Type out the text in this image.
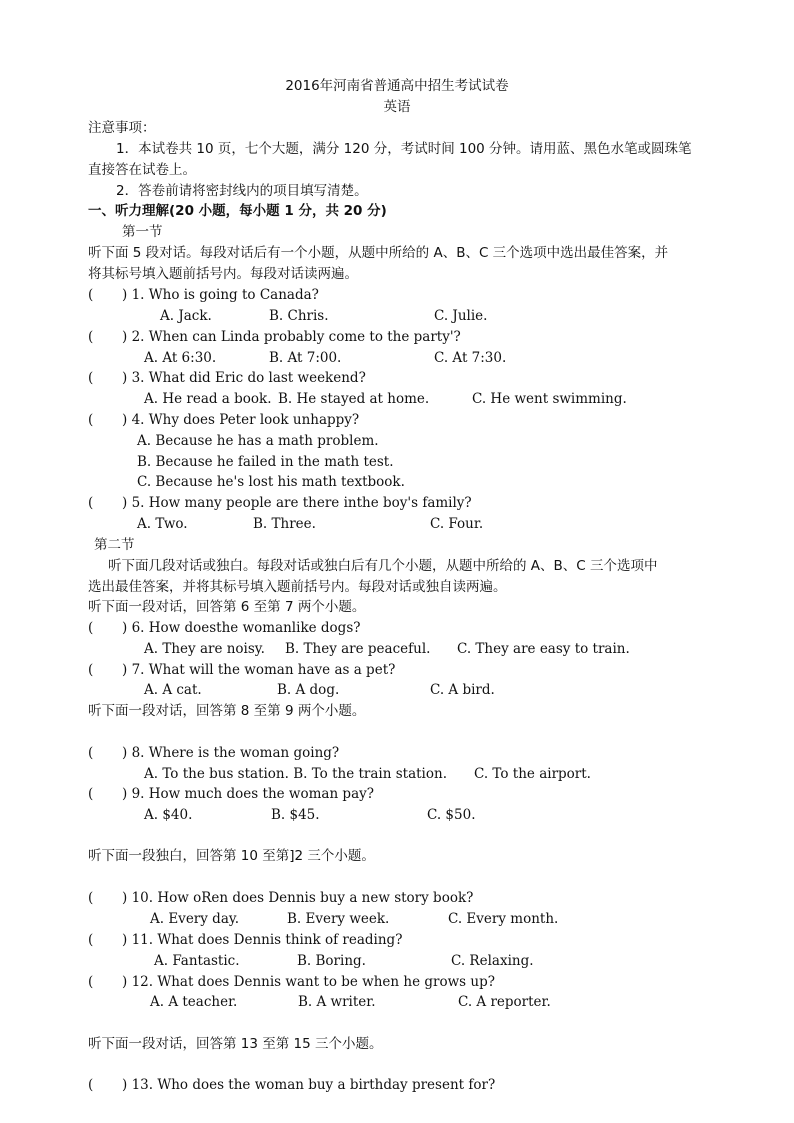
2016年河南省普通高中招生考试试卷
英语
注意事项：
1．本试卷共 10 页，七个大题，满分 120 分，考试时间 100 分钟。请用蓝、黑色水笔或圆珠笔
直接答在试卷上。
2．答卷前请将密封线内的项目填写清楚。
一、听力理解(20 小题，每小题 1 分，共 20 分)
第一节
听下面 5 段对话。每段对话后有一个小题，从题中所给的 A、B、C 三个选项中选出最佳答案，并
将其标号填入题前括号内。每段对话读两遍。
( ) 1. Who is going to Canada?
A. Jack.	B. Chris.	C. Julie.
( ) 2. When can Linda probably come to the party'?
A. At 6:30.	B. At 7:00.	C. At 7:30.
( ) 3. What did Eric do last weekend?
A. He read a book. B. He stayed at home.	C. He went swimming.
( ) 4. Why does Peter look unhappy?
A. Because he has a math problem.
B. Because he failed in the math test.
C. Because he's lost his math textbook.
( ) 5. How many people are there inthe boy's family?
A. Two.	B. Three.	C. Four.
第二节
听下面几段对话或独白。每段对话或独白后有几个小题，从题中所给的 A、B、C 三个选项中
选出最佳答案，并将其标号填入题前括号内。每段对话或独自读两遍。
听下面一段对话，回答第 6 至第 7 两个小题。
( ) 6. How doesthe womanlike dogs?
A. They are noisy. B. They are peaceful. C. They are easy to train.
( ) 7. What will the woman have as a pet?
A. A cat.	B. A dog.	C. A bird.
听下面一段对话，回答第 8 至第 9 两个小题。
( ) 8. Where is the woman going?
A. To the bus station. B. To the train station. C. To the airport.
( ) 9. How much does the woman pay?
A. $40.	B. $45.	C. $50.
听下面一段独白，回答第 10 至第]2 三个小题。
( ) 10. How oRen does Dennis buy a new story book?
A. Every day.	B. Every week.	C. Every month.
( ) 11. What does Dennis think of reading?
A. Fantastic.	B. Boring.	C. Relaxing.
( ) 12. What does Dennis want to be when he grows up?
A. A teacher.	B. A writer.	C. A reporter.
听下面一段对话，回答第 13 至第 15 三个小题。
( ) 13. Who does the woman buy a birthday present for?
